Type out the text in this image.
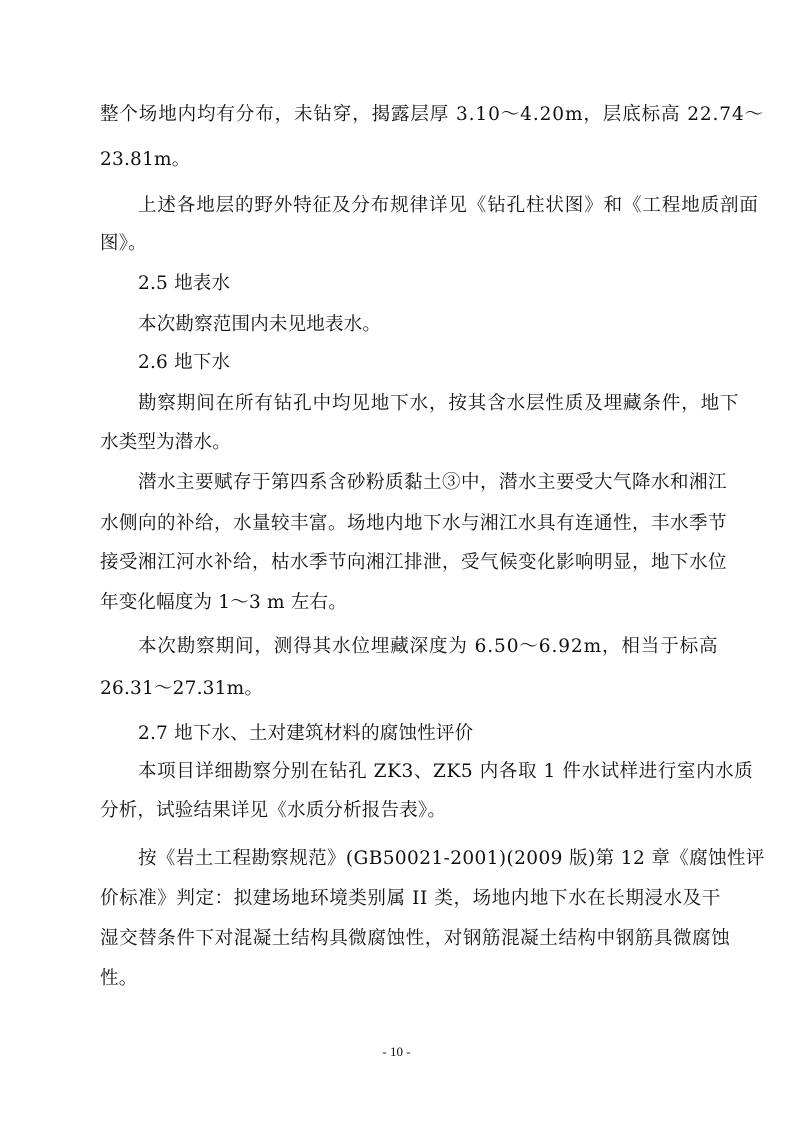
整个场地内均有分布，未钻穿，揭露层厚 3.10～4.20m，层底标高 22.74～
23.81m。
上述各地层的野外特征及分布规律详见《钻孔柱状图》和《工程地质剖面
图》。
2.5 地表水
本次勘察范围内未见地表水。
2.6 地下水
勘察期间在所有钻孔中均见地下水，按其含水层性质及埋藏条件，地下
水类型为潜水。
潜水主要赋存于第四系含砂粉质黏土③中，潜水主要受大气降水和湘江
水侧向的补给，水量较丰富。场地内地下水与湘江水具有连通性，丰水季节
接受湘江河水补给，枯水季节向湘江排泄，受气候变化影响明显，地下水位
年变化幅度为 1～3 m 左右。
本次勘察期间，测得其水位埋藏深度为 6.50～6.92m，相当于标高
26.31～27.31m。
2.7 地下水、土对建筑材料的腐蚀性评价
本项目详细勘察分别在钻孔 ZK3、ZK5 内各取 1 件水试样进行室内水质
分析，试验结果详见《水质分析报告表》。
按《岩土工程勘察规范》(GB50021-2001)(2009 版)第 12 章《腐蚀性评
价标准》判定：拟建场地环境类别属 II 类，场地内地下水在长期浸水及干
湿交替条件下对混凝土结构具微腐蚀性，对钢筋混凝土结构中钢筋具微腐蚀
性。
- 10 -
